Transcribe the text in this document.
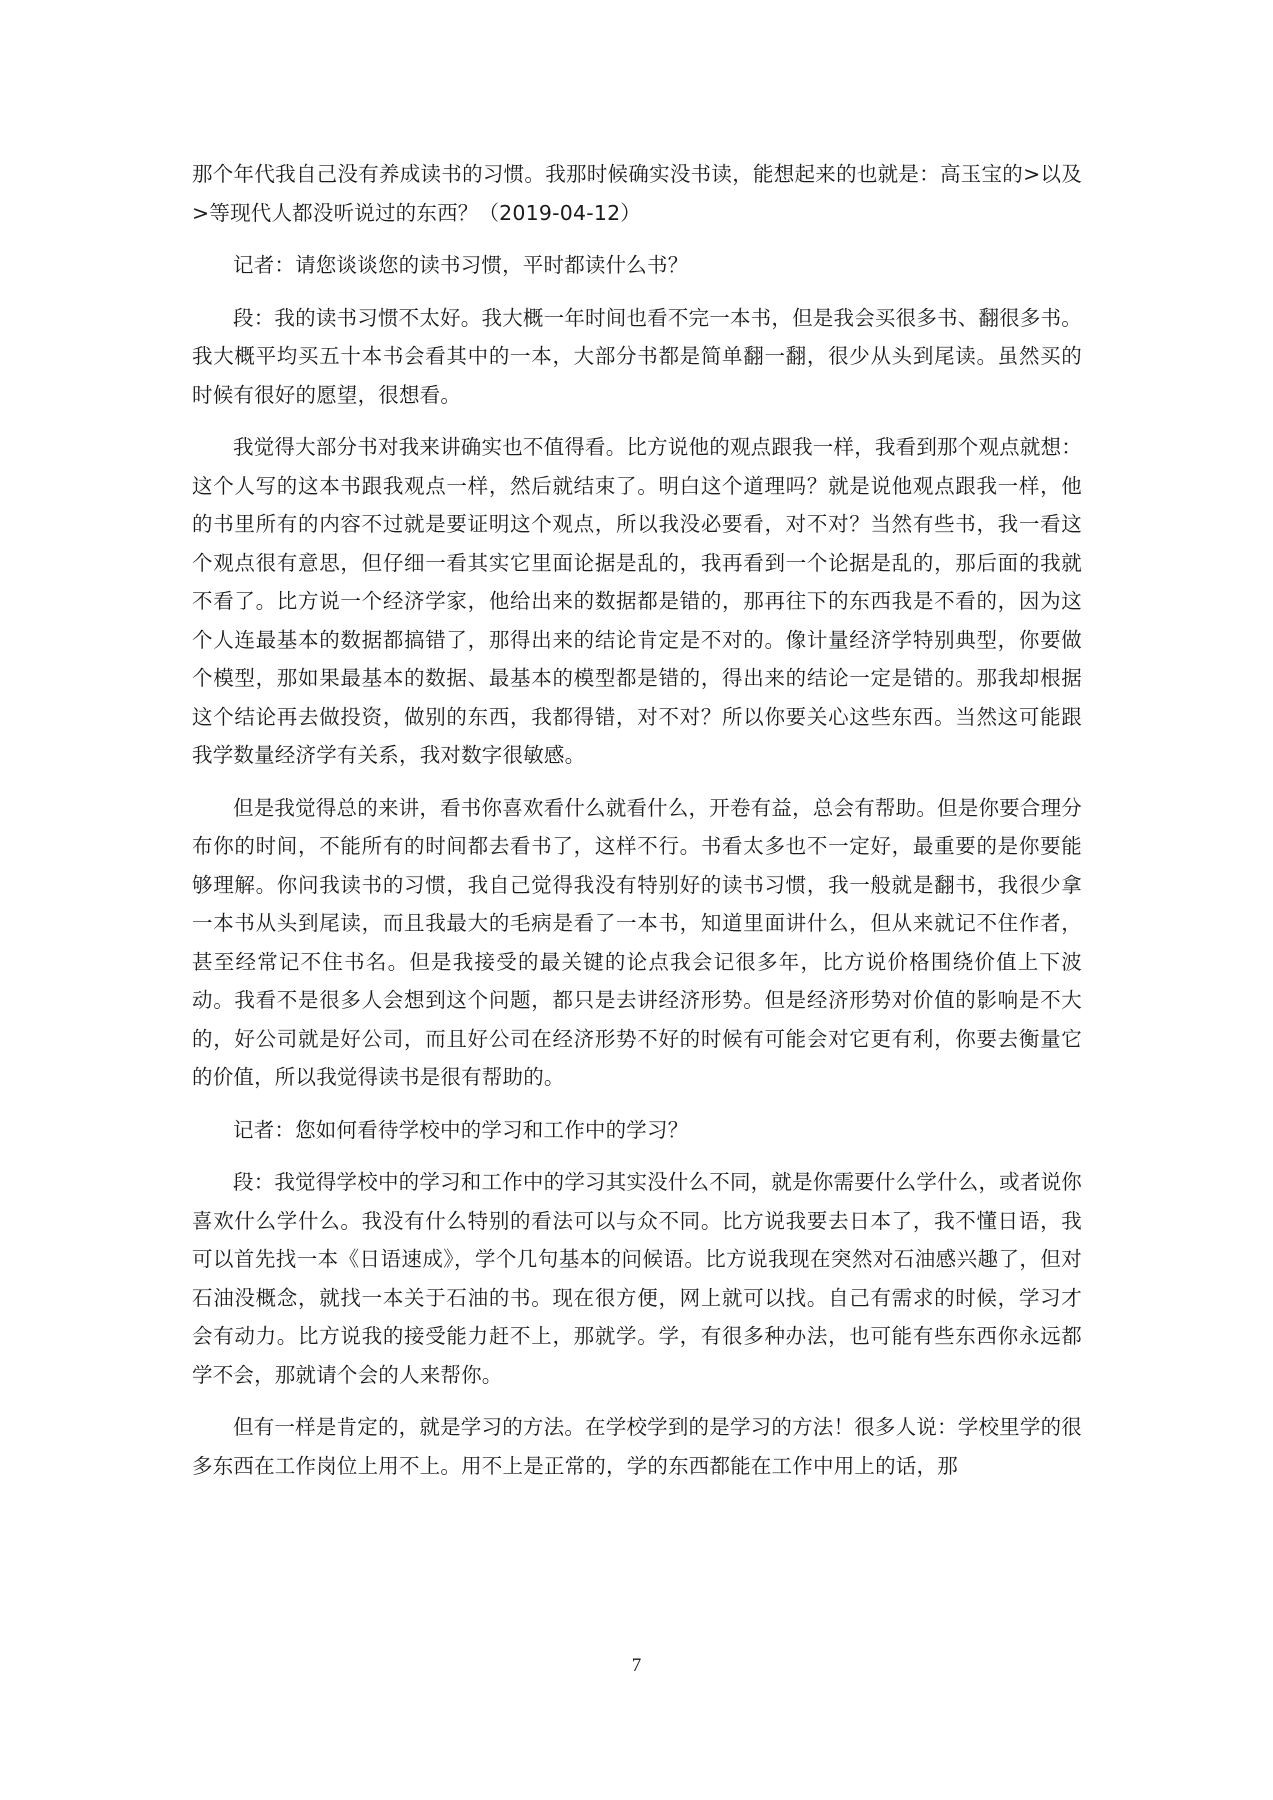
那个年代我自己没有养成读书的习惯。我那时候确实没书读，能想起来的也就是：高玉宝的>以及>等现代人都没听说过的东西？（2019-04-12）

记者：请您谈谈您的读书习惯，平时都读什么书？

段：我的读书习惯不太好。我大概一年时间也看不完一本书，但是我会买很多书、翻很多书。我大概平均买五十本书会看其中的一本，大部分书都是简单翻一翻，很少从头到尾读。虽然买的时候有很好的愿望，很想看。

我觉得大部分书对我来讲确实也不值得看。比方说他的观点跟我一样，我看到那个观点就想：这个人写的这本书跟我观点一样，然后就结束了。明白这个道理吗？就是说他观点跟我一样，他的书里所有的内容不过就是要证明这个观点，所以我没必要看，对不对？当然有些书，我一看这个观点很有意思，但仔细一看其实它里面论据是乱的，我再看到一个论据是乱的，那后面的我就不看了。比方说一个经济学家，他给出来的数据都是错的，那再往下的东西我是不看的，因为这个人连最基本的数据都搞错了，那得出来的结论肯定是不对的。像计量经济学特别典型，你要做个模型，那如果最基本的数据、最基本的模型都是错的，得出来的结论一定是错的。那我却根据这个结论再去做投资，做别的东西，我都得错，对不对？所以你要关心这些东西。当然这可能跟我学数量经济学有关系，我对数字很敏感。

但是我觉得总的来讲，看书你喜欢看什么就看什么，开卷有益，总会有帮助。但是你要合理分布你的时间，不能所有的时间都去看书了，这样不行。书看太多也不一定好，最重要的是你要能够理解。你问我读书的习惯，我自己觉得我没有特别好的读书习惯，我一般就是翻书，我很少拿一本书从头到尾读，而且我最大的毛病是看了一本书，知道里面讲什么，但从来就记不住作者，甚至经常记不住书名。但是我接受的最关键的论点我会记很多年，比方说价格围绕价值上下波动。我看不是很多人会想到这个问题，都只是去讲经济形势。但是经济形势对价值的影响是不大的，好公司就是好公司，而且好公司在经济形势不好的时候有可能会对它更有利，你要去衡量它的价值，所以我觉得读书是很有帮助的。

记者：您如何看待学校中的学习和工作中的学习？

段：我觉得学校中的学习和工作中的学习其实没什么不同，就是你需要什么学什么，或者说你喜欢什么学什么。我没有什么特别的看法可以与众不同。比方说我要去日本了，我不懂日语，我可以首先找一本《日语速成》，学个几句基本的问候语。比方说我现在突然对石油感兴趣了，但对石油没概念，就找一本关于石油的书。现在很方便，网上就可以找。自己有需求的时候，学习才会有动力。比方说我的接受能力赶不上，那就学。学，有很多种办法，也可能有些东西你永远都学不会，那就请个会的人来帮你。

但有一样是肯定的，就是学习的方法。在学校学到的是学习的方法！很多人说：学校里学的很多东西在工作岗位上用不上。用不上是正常的，学的东西都能在工作中用上的话，那

7
